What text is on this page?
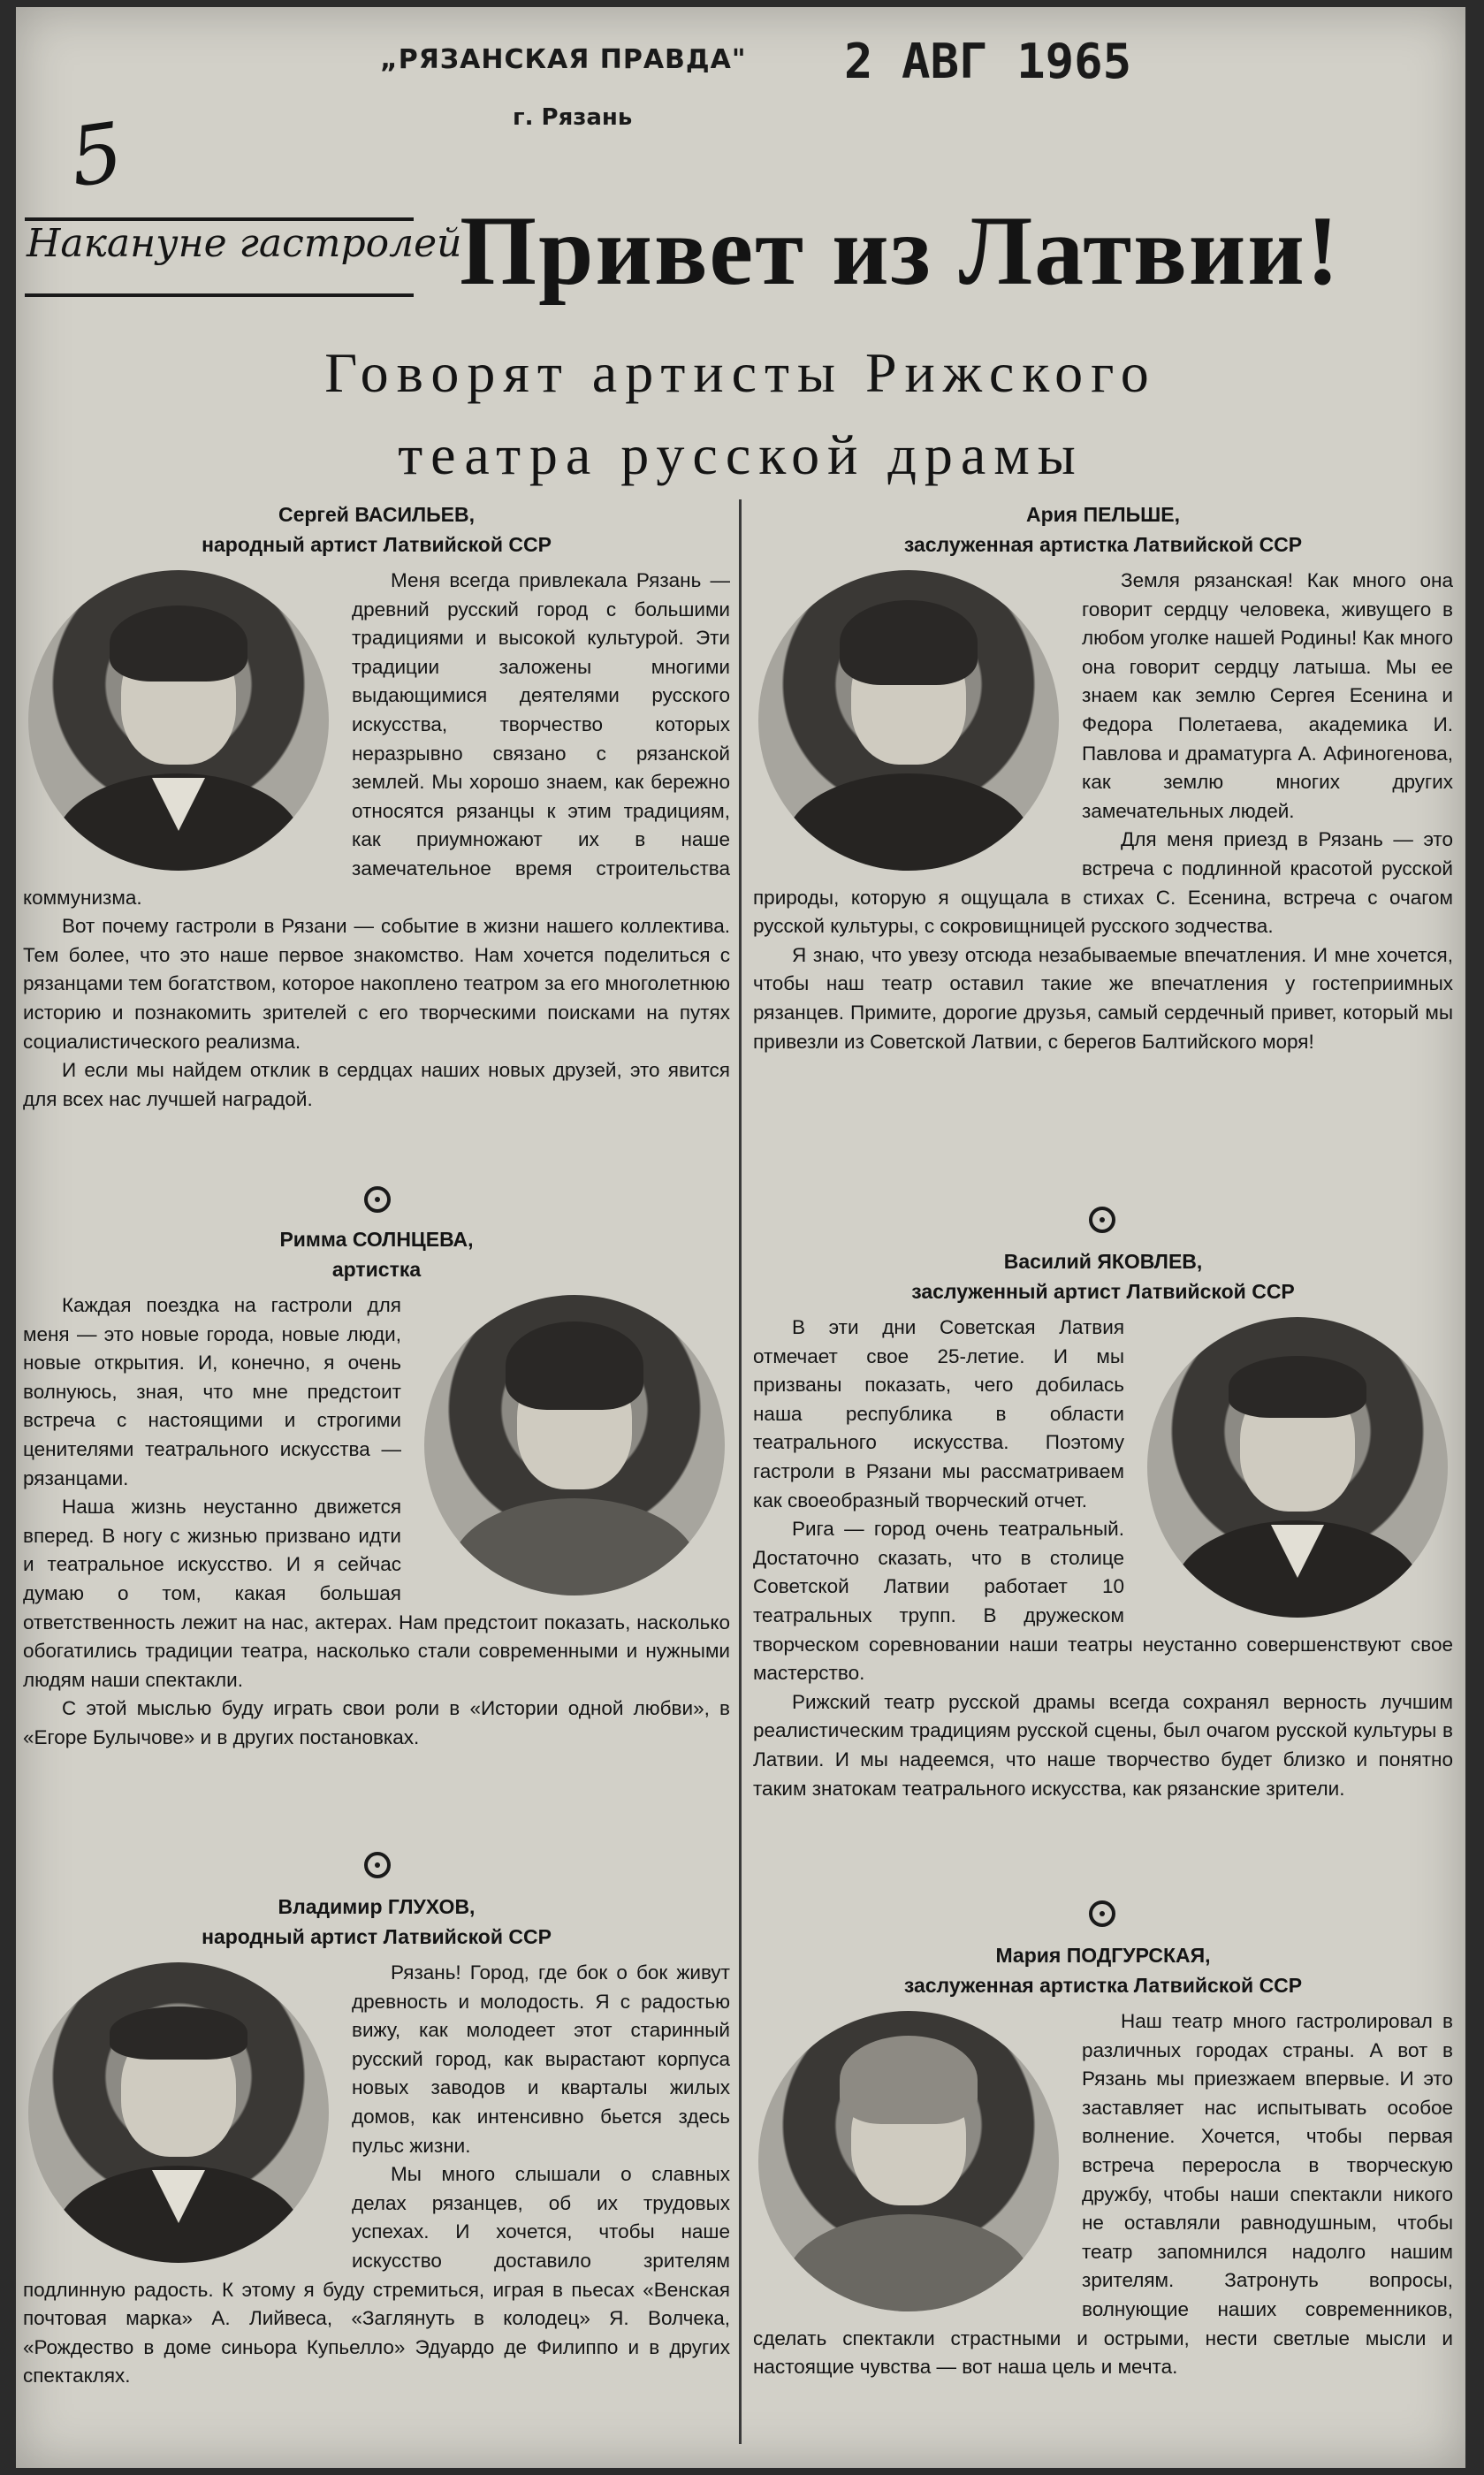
„РЯЗАНСКАЯ ПРАВДА"
г. Рязань
2 АВГ 1965
5
Накануне гастролей
Привет из Латвии!
Говорят артисты Рижского
театра русской драмы
Сергей ВАСИЛЬЕВ,
народный артист Латвийской ССР

Меня всегда привлекала Рязань — древний русский город с большими традициями и высокой культурой. Эти традиции заложены многими выдающимися деятелями русского искусства, творчество которых неразрывно связано с рязанской землей. Мы хорошо знаем, как бережно относятся рязанцы к этим традициям, как приумножают их в наше замечательное время строительства коммунизма.

Вот почему гастроли в Рязани — событие в жизни нашего коллектива. Тем более, что это наше первое знакомство. Нам хочется поделиться с рязанцами тем богатством, которое накоплено театром за его многолетнюю историю и познакомить зрителей с его творческими поисками на путях социалистического реализма.

И если мы найдем отклик в сердцах наших новых друзей, это явится для всех нас лучшей наградой.

Римма СОЛНЦЕВА,
артистка

Каждая поездка на гастроли для меня — это новые города, новые люди, новые открытия. И, конечно, я очень волнуюсь, зная, что мне предстоит встреча с настоящими и строгими ценителями театрального искусства — рязанцами.

Наша жизнь неустанно движется вперед. В ногу с жизнью призвано идти и театральное искусство. И я сейчас думаю о том, какая большая ответственность лежит на нас, актерах. Нам предстоит показать, насколько обогатились традиции театра, насколько стали современными и нужными людям наши спектакли.

С этой мыслью буду играть свои роли в «Истории одной любви», в «Егоре Булычове» и в других постановках.

Владимир ГЛУХОВ,
народный артист Латвийской ССР

Рязань! Город, где бок о бок живут древность и молодость. Я с радостью вижу, как молодеет этот старинный русский город, как вырастают корпуса новых заводов и кварталы жилых домов, как интенсивно бьется здесь пульс жизни.

Мы много слышали о славных делах рязанцев, об их трудовых успехах. И хочется, чтобы наше искусство доставило зрителям подлинную радость. К этому я буду стремиться, играя в пьесах «Венская почтовая марка» А. Лийвеса, «Заглянуть в колодец» Я. Волчека, «Рождество в доме синьора Купьелло» Эдуардо де Филиппо и в других спектаклях.

Ария ПЕЛЬШЕ,
заслуженная артистка Латвийской ССР

Земля рязанская! Как много она говорит сердцу человека, живущего в любом уголке нашей Родины! Как много она говорит сердцу латыша. Мы ее знаем как землю Сергея Есенина и Федора Полетаева, академика И. Павлова и драматурга А. Афиногенова, как землю многих других замечательных людей.

Для меня приезд в Рязань — это встреча с подлинной красотой русской природы, которую я ощущала в стихах С. Есенина, встреча с очагом русской культуры, с сокровищницей русского зодчества.

Я знаю, что увезу отсюда незабываемые впечатления. И мне хочется, чтобы наш театр оставил такие же впечатления у гостеприимных рязанцев. Примите, дорогие друзья, самый сердечный привет, который мы привезли из Советской Латвии, с берегов Балтийского моря!

Василий ЯКОВЛЕВ,
заслуженный артист Латвийской ССР

В эти дни Советская Латвия отмечает свое 25-летие. И мы призваны показать, чего добилась наша республика в области театрального искусства. Поэтому гастроли в Рязани мы рассматриваем как своеобразный творческий отчет.

Рига — город очень театральный. Достаточно сказать, что в столице Советской Латвии работает 10 театральных трупп. В дружеском творческом соревновании наши театры неустанно совершенствуют свое мастерство.

Рижский театр русской драмы всегда сохранял верность лучшим реалистическим традициям русской сцены, был очагом русской культуры в Латвии. И мы надеемся, что наше творчество будет близко и понятно таким знатокам театрального искусства, как рязанские зрители.

Мария ПОДГУРСКАЯ,
заслуженная артистка Латвийской ССР

Наш театр много гастролировал в различных городах страны. А вот в Рязань мы приезжаем впервые. И это заставляет нас испытывать особое волнение. Хочется, чтобы первая встреча переросла в творческую дружбу, чтобы наши спектакли никого не оставляли равнодушным, чтобы театр запомнился надолго нашим зрителям. Затронуть вопросы, волнующие наших современников, сделать спектакли страстными и острыми, нести светлые мысли и настоящие чувства — вот наша цель и мечта.
